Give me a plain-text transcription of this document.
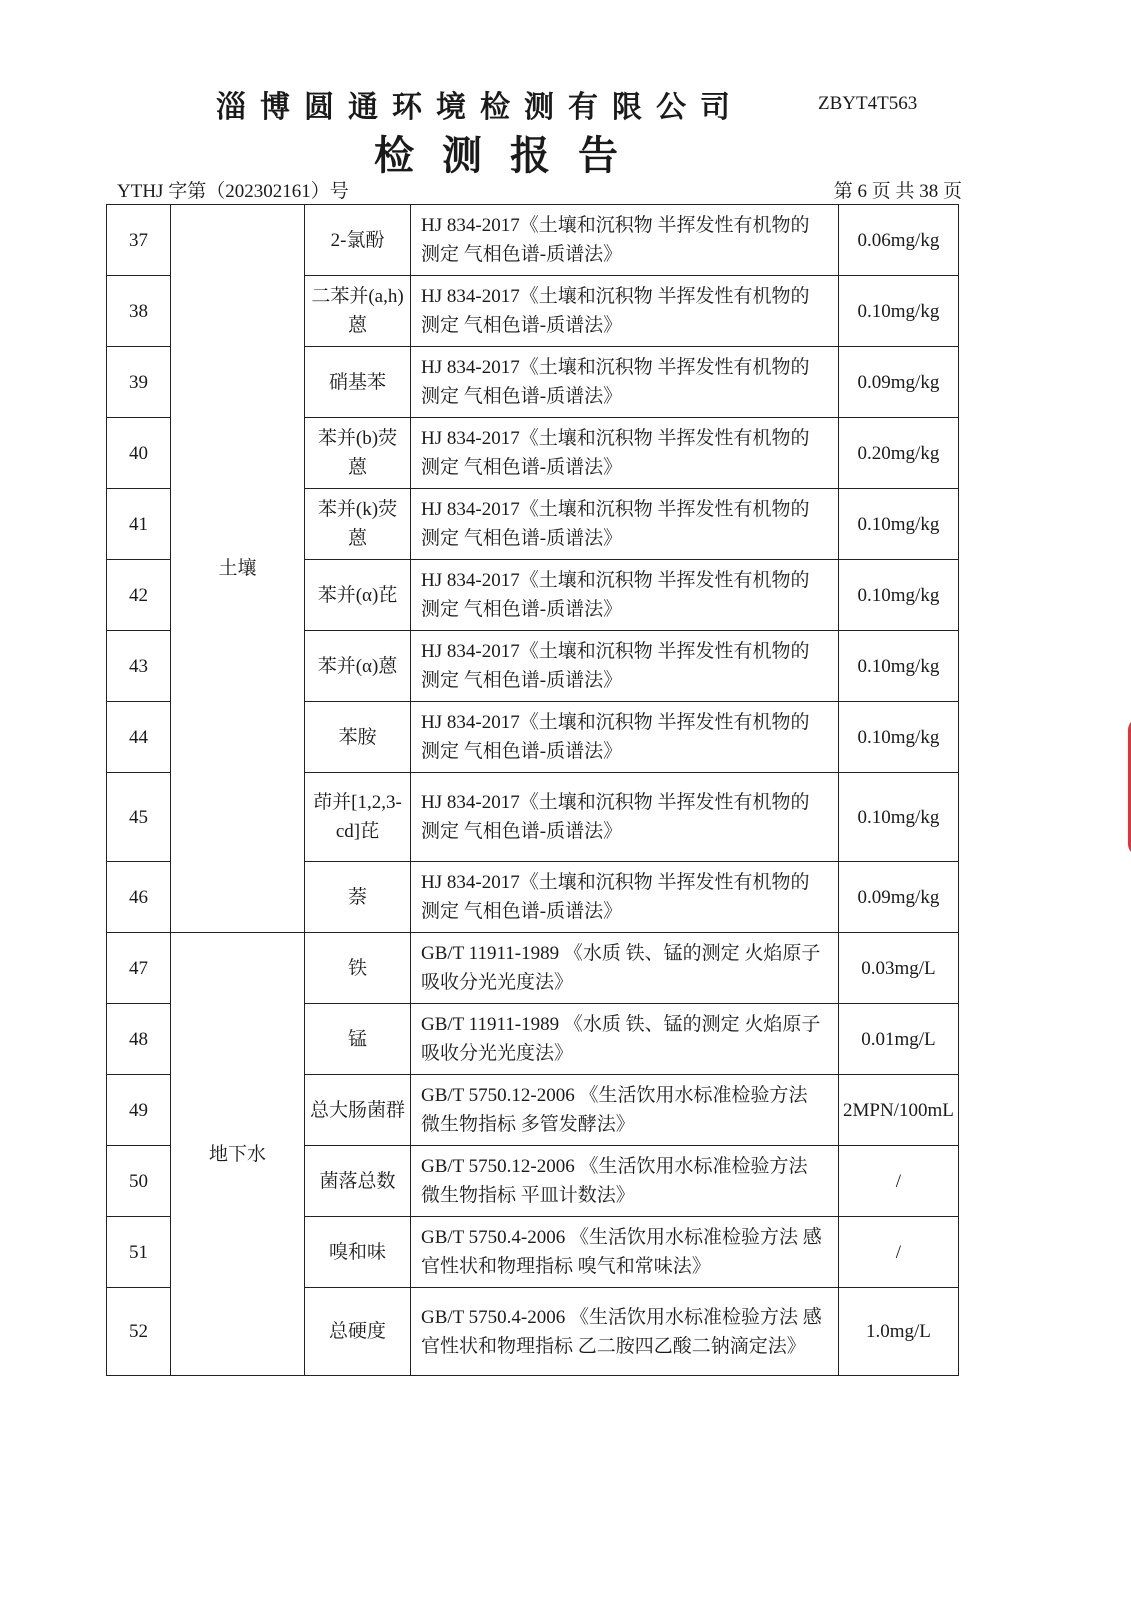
淄博圆通环境检测有限公司	ZBYT4T563
检测报告
YTHJ 字第（202302161）号	第 6 页 共 38 页
37	土壤	2-氯酚	HJ 834-2017《土壤和沉积物 半挥发性有机物的测定 气相色谱-质谱法》	0.06mg/kg
38		二苯并(a,h)蒽	HJ 834-2017《土壤和沉积物 半挥发性有机物的测定 气相色谱-质谱法》	0.10mg/kg
39		硝基苯	HJ 834-2017《土壤和沉积物 半挥发性有机物的测定 气相色谱-质谱法》	0.09mg/kg
40		苯并(b)荧蒽	HJ 834-2017《土壤和沉积物 半挥发性有机物的测定 气相色谱-质谱法》	0.20mg/kg
41		苯并(k)荧蒽	HJ 834-2017《土壤和沉积物 半挥发性有机物的测定 气相色谱-质谱法》	0.10mg/kg
42		苯并(α)芘	HJ 834-2017《土壤和沉积物 半挥发性有机物的测定 气相色谱-质谱法》	0.10mg/kg
43		苯并(α)蒽	HJ 834-2017《土壤和沉积物 半挥发性有机物的测定 气相色谱-质谱法》	0.10mg/kg
44		苯胺	HJ 834-2017《土壤和沉积物 半挥发性有机物的测定 气相色谱-质谱法》	0.10mg/kg
45		茚并[1,2,3-cd]芘	HJ 834-2017《土壤和沉积物 半挥发性有机物的测定 气相色谱-质谱法》	0.10mg/kg
46		萘	HJ 834-2017《土壤和沉积物 半挥发性有机物的测定 气相色谱-质谱法》	0.09mg/kg
47	地下水	铁	GB/T 11911-1989 《水质 铁、锰的测定 火焰原子吸收分光光度法》	0.03mg/L
48		锰	GB/T 11911-1989 《水质 铁、锰的测定 火焰原子吸收分光光度法》	0.01mg/L
49		总大肠菌群	GB/T 5750.12-2006 《生活饮用水标准检验方法 微生物指标 多管发酵法》	2MPN/100mL
50		菌落总数	GB/T 5750.12-2006 《生活饮用水标准检验方法 微生物指标 平皿计数法》	/
51		嗅和味	GB/T 5750.4-2006 《生活饮用水标准检验方法 感官性状和物理指标 嗅气和常味法》	/
52		总硬度	GB/T 5750.4-2006 《生活饮用水标准检验方法 感官性状和物理指标 乙二胺四乙酸二钠滴定法》	1.0mg/L
